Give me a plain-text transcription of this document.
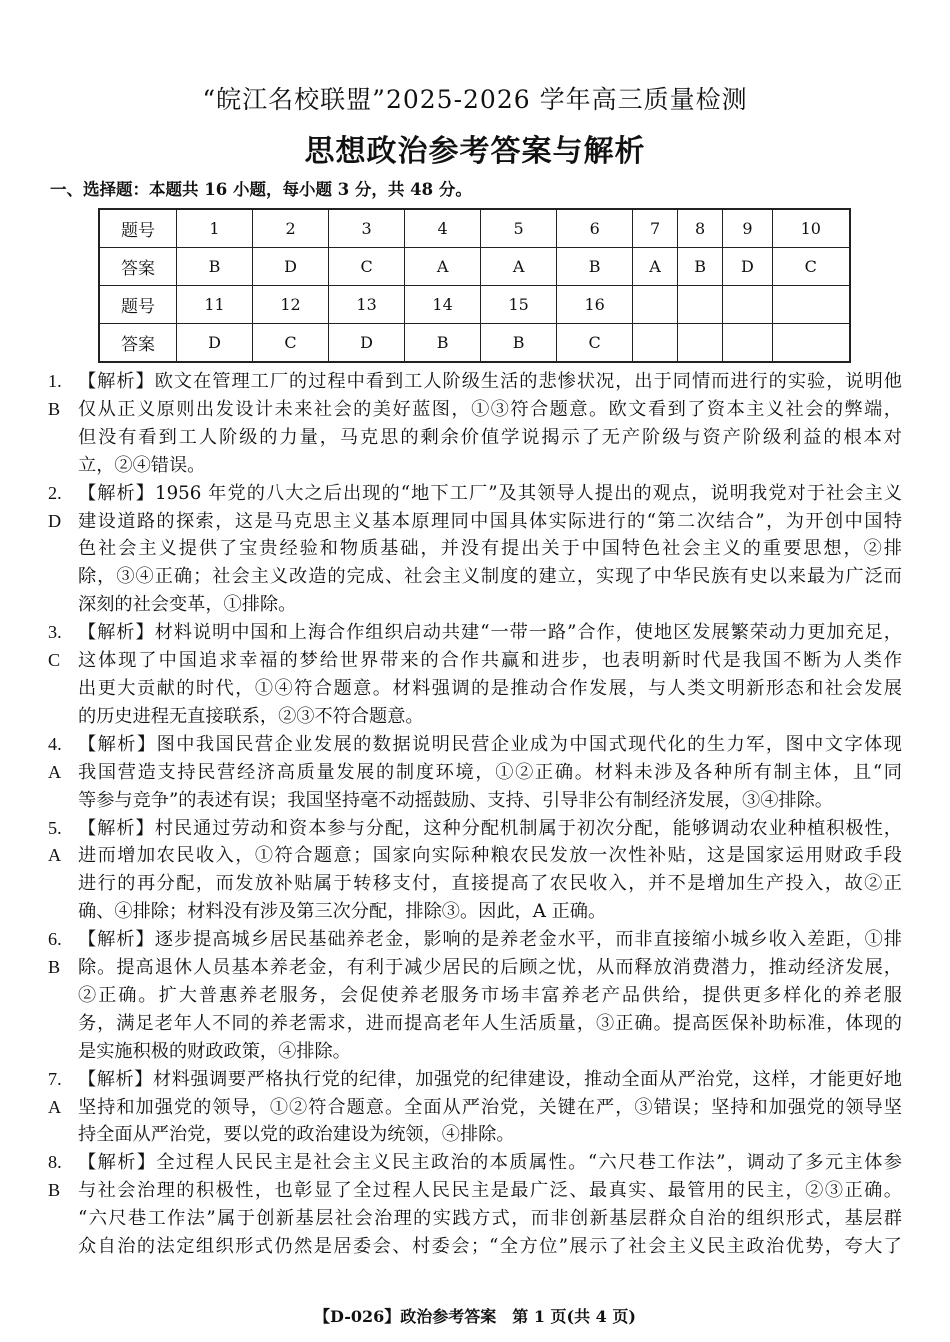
“皖江名校联盟”2025-2026 学年高三质量检测
思想政治参考答案与解析
一、选择题：本题共 16 小题，每小题 3 分，共 48 分。
题号	1	2	3	4	5	6	7	8	9	10
答案	B	D	C	A	A	B	A	B	D	C
题号	11	12	13	14	15	16				
答案	D	C	D	B	B	C				
1. B
【解析】欧文在管理工厂的过程中看到工人阶级生活的悲惨状况，出于同情而进行的实验，说明他
仅从正义原则出发设计未来社会的美好蓝图，①③符合题意。欧文看到了资本主义社会的弊端，
但没有看到工人阶级的力量，马克思的剩余价值学说揭示了无产阶级与资产阶级利益的根本对
立，②④错误。
2. D
【解析】1956 年党的八大之后出现的“地下工厂”及其领导人提出的观点，说明我党对于社会主义
建设道路的探索，这是马克思主义基本原理同中国具体实际进行的“第二次结合”，为开创中国特
色社会主义提供了宝贵经验和物质基础，并没有提出关于中国特色社会主义的重要思想，②排
除，③④正确；社会主义改造的完成、社会主义制度的建立，实现了中华民族有史以来最为广泛而
深刻的社会变革，①排除。
3. C
【解析】材料说明中国和上海合作组织启动共建“一带一路”合作，使地区发展繁荣动力更加充足，
这体现了中国追求幸福的梦给世界带来的合作共赢和进步，也表明新时代是我国不断为人类作
出更大贡献的时代，①④符合题意。材料强调的是推动合作发展，与人类文明新形态和社会发展
的历史进程无直接联系，②③不符合题意。
4. A
【解析】图中我国民营企业发展的数据说明民营企业成为中国式现代化的生力军，图中文字体现
我国营造支持民营经济高质量发展的制度环境，①②正确。材料未涉及各种所有制主体，且“同
等参与竞争”的表述有误；我国坚持毫不动摇鼓励、支持、引导非公有制经济发展，③④排除。
5. A
【解析】村民通过劳动和资本参与分配，这种分配机制属于初次分配，能够调动农业种植积极性，
进而增加农民收入，①符合题意；国家向实际种粮农民发放一次性补贴，这是国家运用财政手段
进行的再分配，而发放补贴属于转移支付，直接提高了农民收入，并不是增加生产投入，故②正
确、④排除；材料没有涉及第三次分配，排除③。因此，A 正确。
6. B
【解析】逐步提高城乡居民基础养老金，影响的是养老金水平，而非直接缩小城乡收入差距，①排
除。提高退休人员基本养老金，有利于减少居民的后顾之忧，从而释放消费潜力，推动经济发展，
②正确。扩大普惠养老服务，会促使养老服务市场丰富养老产品供给，提供更多样化的养老服
务，满足老年人不同的养老需求，进而提高老年人生活质量，③正确。提高医保补助标准，体现的
是实施积极的财政政策，④排除。
7. A
【解析】材料强调要严格执行党的纪律，加强党的纪律建设，推动全面从严治党，这样，才能更好地
坚持和加强党的领导，①②符合题意。全面从严治党，关键在严，③错误；坚持和加强党的领导坚
持全面从严治党，要以党的政治建设为统领，④排除。
8. B
【解析】全过程人民民主是社会主义民主政治的本质属性。“六尺巷工作法”，调动了多元主体参
与社会治理的积极性，也彰显了全过程人民民主是最广泛、最真实、最管用的民主，②③正确。
“六尺巷工作法”属于创新基层社会治理的实践方式，而非创新基层群众自治的组织形式，基层群
众自治的法定组织形式仍然是居委会、村委会；“全方位”展示了社会主义民主政治优势，夸大了
【D-026】政治参考答案　第 1 页(共 4 页)
